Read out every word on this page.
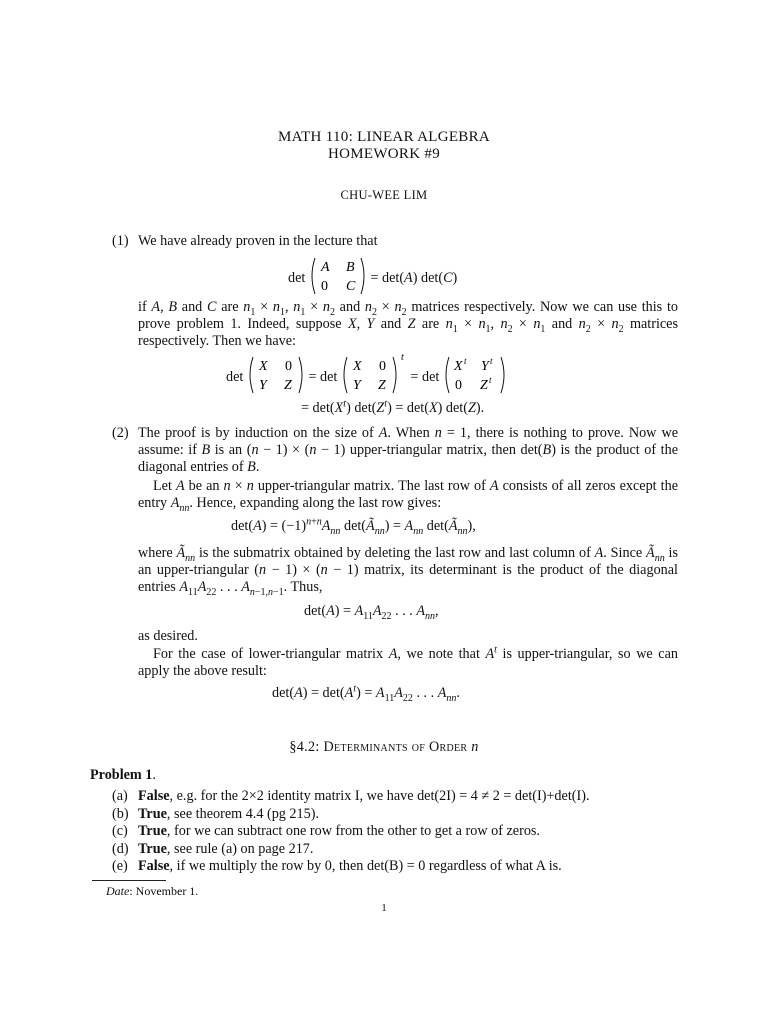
MATH 110: LINEAR ALGEBRA
HOMEWORK #9
CHU-WEE LIM
(1) We have already proven in the lecture that
det
A B
0 C
= det(A) det(C)
if A, B and C are $n_1 \times n_1$, $n_1 \times n_2$ and $n_2 \times n_2$ matrices respectively. Now we can use this to prove problem 1. Indeed, suppose X, Y and Z are $n_1 \times n_1$, $n_2 \times n_1$ and $n_2 \times n_2$ matrices respectively. Then we have:
det
X 0
Y Z
= det
X 0
Y Z
t
= det
X t Y t
0 Z t
= $\det(X^t) \det(Z^t) = \det(X)$ det(Z).
(2) The proof is by induction on the size of A. When n = 1, there is nothing to prove. Now we assume: if B is an (n − 1) × (n − 1) upper-triangular matrix, then det(B) is the product of the diagonal entries of B.
Let A be an n × n upper-triangular matrix. The last row of A consists of all zeros except the entry $A_{nn}$. Hence, expanding along the last row gives:
$\det(A) = (-1)^{n+n}A_{nn}$ $\det(Ã_{nn}) = A_{nn}$ $\det(Ã_{nn})$,
where $Ã_{nn}$ is the submatrix obtained by deleting the last row and last column of A. Since $Ã_{nn}$ is an upper-triangular (n − 1) × (n − 1) matrix, its determinant is the product of the diagonal entries $A_{11}A_{22}$ . . . $A_{n-1,n-1}$. Thus,
$\det(A) = A_{11}A_{22}$ . . . $A_{nn}$,
as desired.
For the case of lower-triangular matrix A, we note that $A^t$ is upper-triangular, so we can apply the above result:
$\det(A) = \det(A^t) = A_{11}A_{22}$ . . . $A_{nn}$.
§4.2: Determinants of Order n
Problem 1.
(a) False, e.g. for the 2×2 identity matrix I, we have det(2I) = 4 ≠ 2 = det(I)+det(I).
(b) True, see theorem 4.4 (pg 215).
(c) True, for we can subtract one row from the other to get a row of zeros.
(d) True, see rule (a) on page 217.
(e) False, if we multiply the row by 0, then det(B) = 0 regardless of what A is.
Date: November 1.
1
